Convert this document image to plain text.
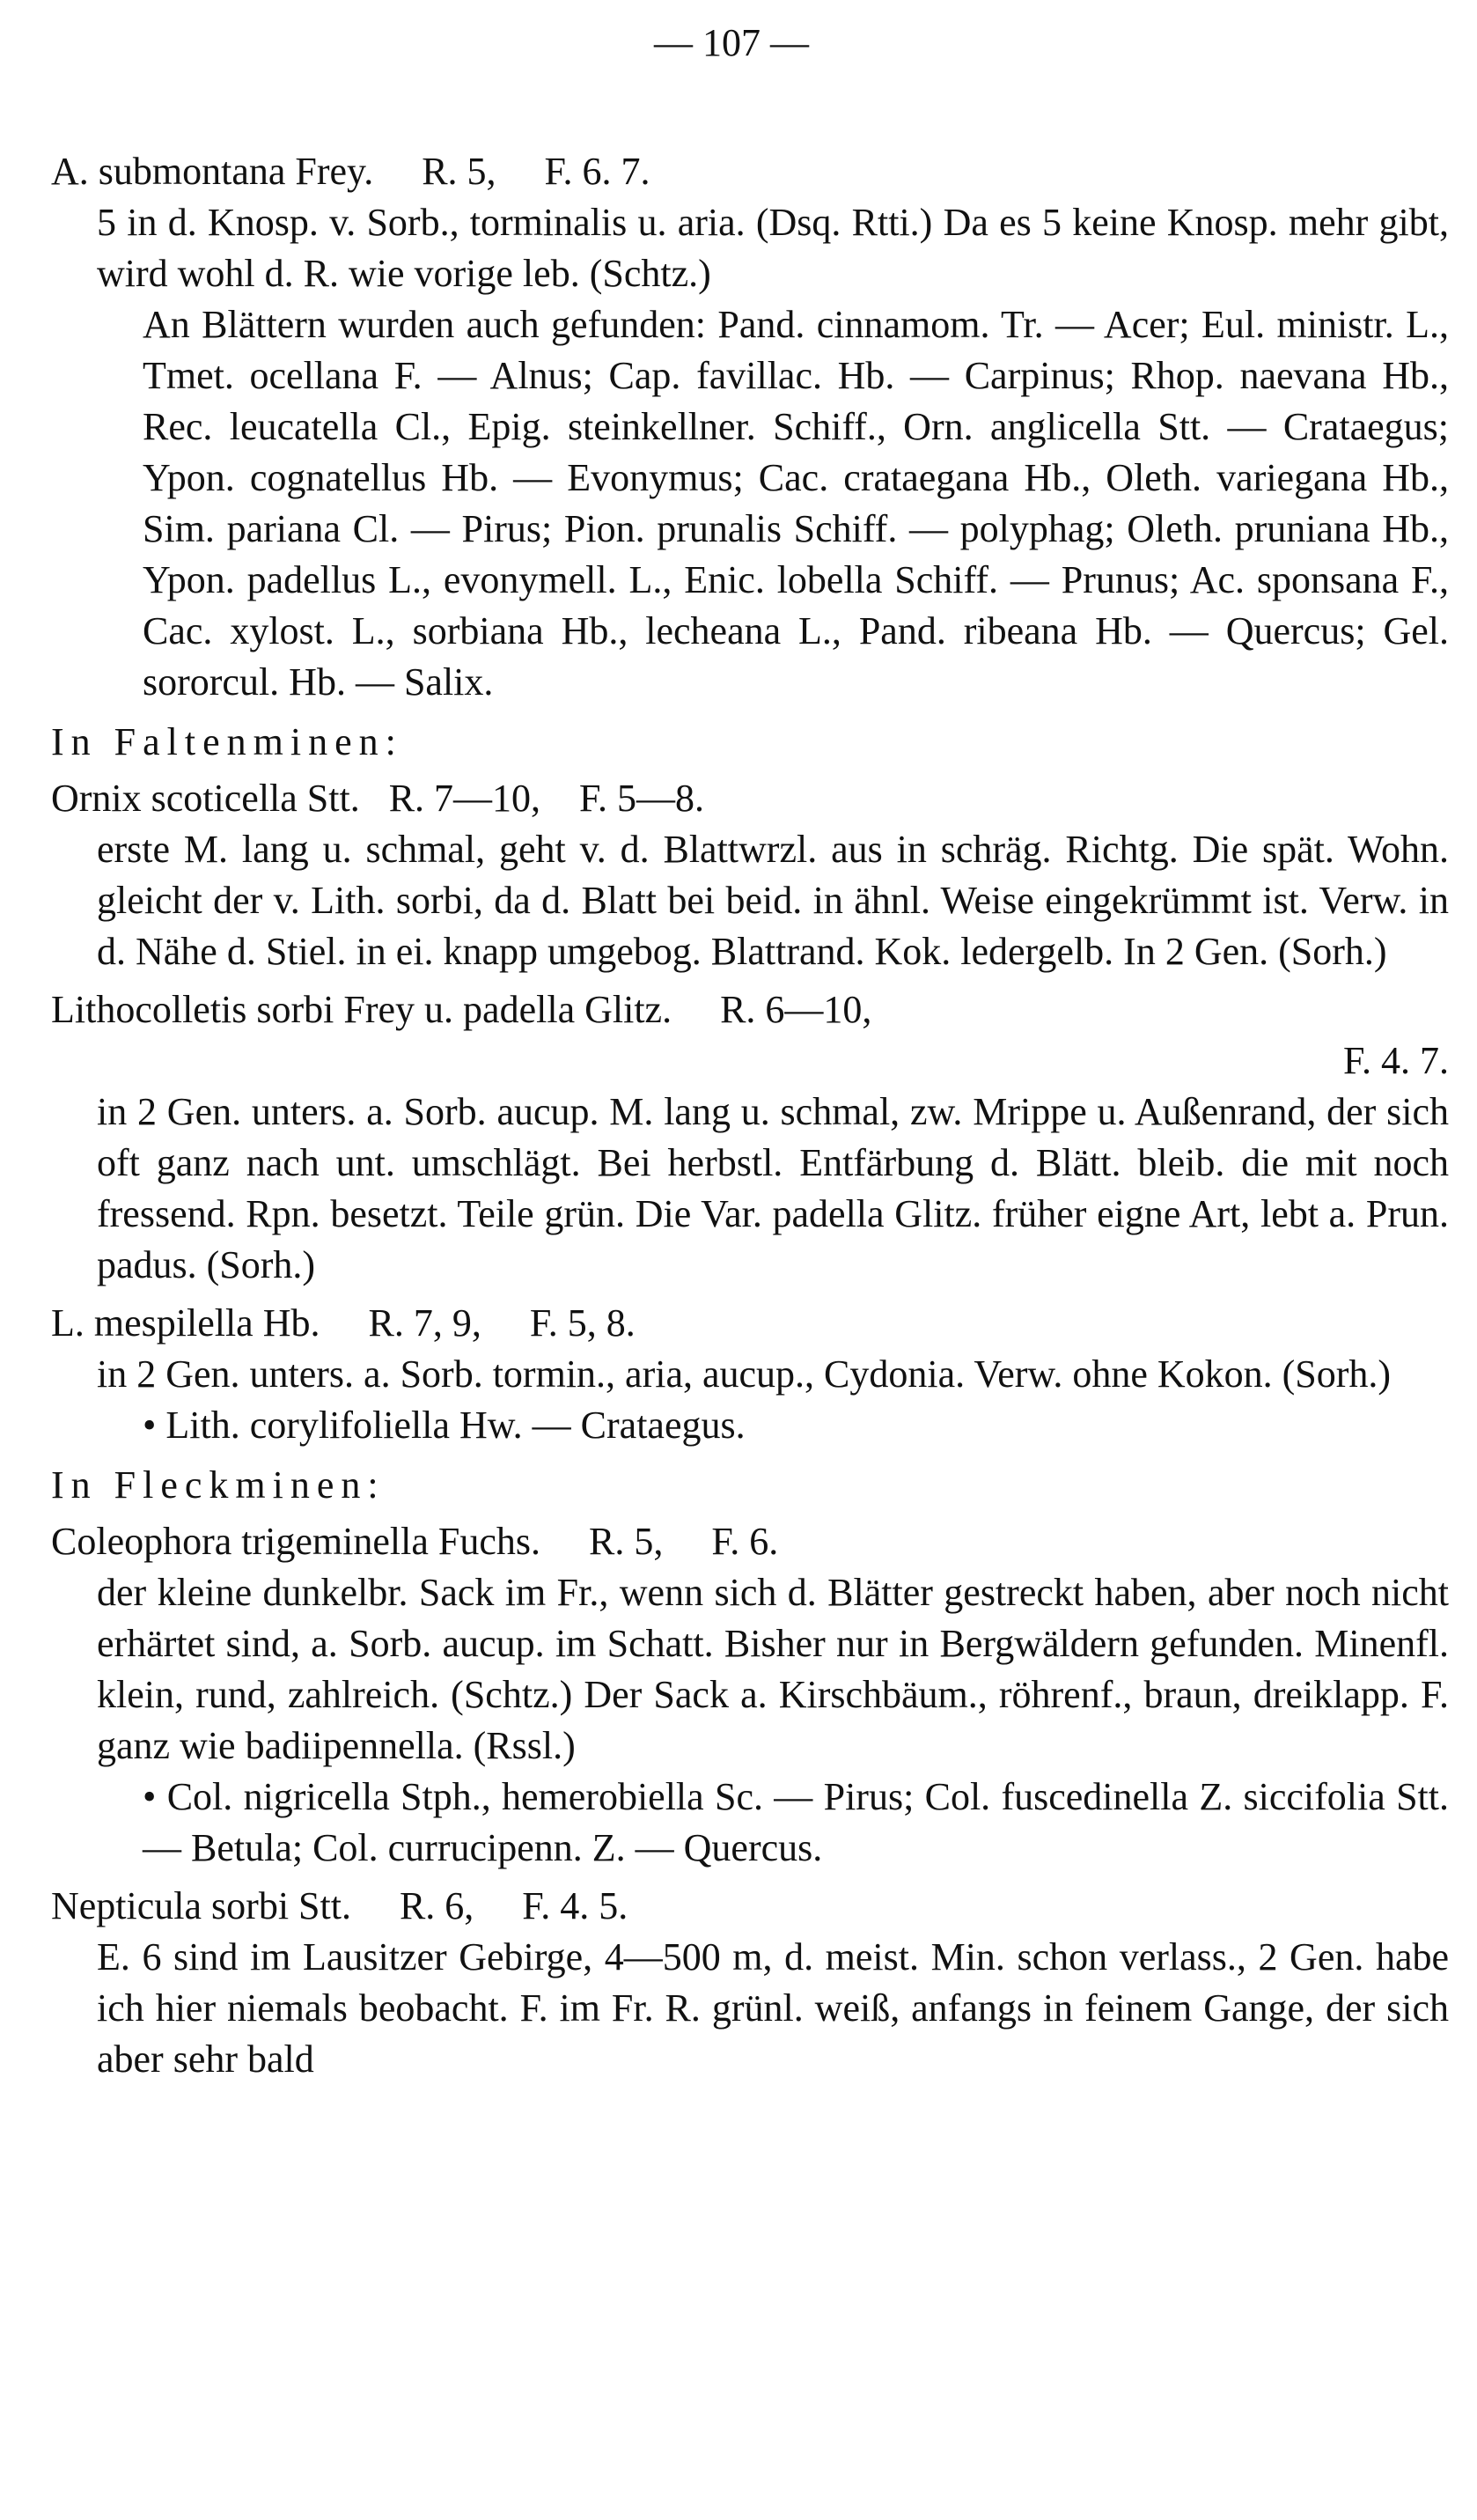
— 107 —
A. submontana Frey.     R. 5,     F. 6. 7.
5 in d. Knosp. v. Sorb., torminalis u. aria. (Dsq. Rtti.) Da es 5 keine Knosp. mehr gibt, wird wohl d. R. wie vorige leb. (Schtz.)
An Blättern wurden auch gefunden: Pand. cinnamom. Tr. — Acer; Eul. ministr. L., Tmet. ocellana F. — Alnus; Cap. favillac. Hb. — Carpinus; Rhop. naevana Hb., Rec. leucatella Cl., Epig. steinkellner. Schiff., Orn. anglicella Stt. — Crataegus; Ypon. cognatellus Hb. — Evonymus; Cac. crataegana Hb., Oleth. variegana Hb., Sim. pariana Cl. — Pirus; Pion. prunalis Schiff. — polyphag; Oleth. pruniana Hb., Ypon. padellus L., evonymell. L., Enic. lobella Schiff. — Prunus; Ac. sponsana F., Cac. xylost. L., sorbiana Hb., lecheana L., Pand. ribeana Hb. — Quercus; Gel. sororcul. Hb. — Salix.
In Faltenminen:
Ornix scoticella Stt.   R. 7—10,    F. 5—8.
erste M. lang u. schmal, geht v. d. Blattwrzl. aus in schräg. Richtg. Die spät. Wohn. gleicht der v. Lith. sorbi, da d. Blatt bei beid. in ähnl. Weise eingekrümmt ist. Verw. in d. Nähe d. Stiel. in ei. knapp umgebog. Blattrand. Kok. ledergelb. In 2 Gen. (Sorh.)
Lithocolletis sorbi Frey u. padella Glitz.     R. 6—10,
F. 4. 7.
in 2 Gen. unters. a. Sorb. aucup. M. lang u. schmal, zw. Mrippe u. Außenrand, der sich oft ganz nach unt. umschlägt. Bei herbstl. Entfärbung d. Blätt. bleib. die mit noch fressend. Rpn. besetzt. Teile grün. Die Var. padella Glitz. früher eigne Art, lebt a. Prun. padus. (Sorh.)
L. mespilella Hb.     R. 7, 9,     F. 5, 8.
in 2 Gen. unters. a. Sorb. tormin., aria, aucup., Cydonia. Verw. ohne Kokon. (Sorh.)
• Lith. corylifoliella Hw. — Crataegus.
In Fleckminen:
Coleophora trigeminella Fuchs.     R. 5,     F. 6.
der kleine dunkelbr. Sack im Fr., wenn sich d. Blätter gestreckt haben, aber noch nicht erhärtet sind, a. Sorb. aucup. im Schatt. Bisher nur in Bergwäldern gefunden. Minenfl. klein, rund, zahlreich. (Schtz.) Der Sack a. Kirschbäum., röhrenf., braun, dreiklapp. F. ganz wie badiipennella. (Rssl.)
• Col. nigricella Stph., hemerobiella Sc. — Pirus; Col. fuscedinella Z. siccifolia Stt. — Betula; Col. currucipenn. Z. — Quercus.
Nepticula sorbi Stt.     R. 6,     F. 4. 5.
E. 6 sind im Lausitzer Gebirge, 4—500 m, d. meist. Min. schon verlass., 2 Gen. habe ich hier niemals beobacht. F. im Fr. R. grünl. weiß, anfangs in feinem Gange, der sich aber sehr bald
